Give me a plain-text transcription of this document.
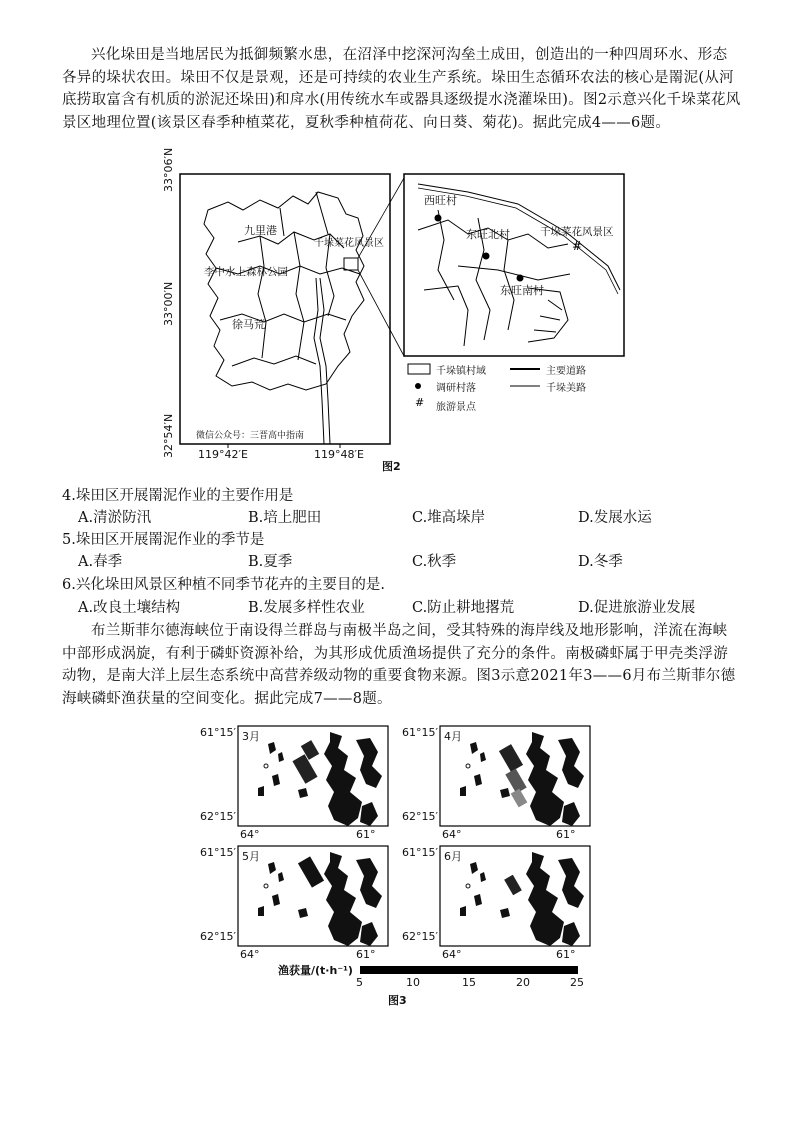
兴化垛田是当地居民为抵御频繁水患，在沼泽中挖深河沟垒土成田，创造出的一种四周环水、形态各异的垛状农田。垛田不仅是景观，还是可持续的农业生产系统。垛田生态循环农法的核心是罱泥(从河底捞取富含有机质的淤泥还垛田)和戽水(用传统水车或器具逐级提水浇灌垛田)。图2示意兴化千垛菜花风景区地理位置(该景区春季种植菜花，夏秋季种植荷花、向日葵、菊花)。据此完成4——6题。
#
#
33°06′N
33°00′N
32°54′N 119°42′E	119°48′E
九里港
千垛菜花风景区
李中水上森林公园
徐马荒
微信公众号：三晋高中指南
西旺村
东旺北村
东旺南村
千垛菜花风景区
千垛镇村域	主要道路
调研村落	千垛美路
旅游景点
图2
4.垛田区开展罱泥作业的主要作用是
A.清淤防汛	B.培上肥田	C.堆高垛岸	D.发展水运
5.垛田区开展罱泥作业的季节是
A.春季	B.夏季	C.秋季	D.冬季
6.兴化垛田风景区种植不同季节花卉的主要目的是.
A.改良土壤结构	B.发展多样性农业	C.防止耕地撂荒	D.促进旅游业发展
布兰斯菲尔德海峡位于南设得兰群岛与南极半岛之间，受其特殊的海岸线及地形影响，洋流在海峡中部形成涡旋，有利于磷虾资源补给，为其形成优质渔场提供了充分的条件。南极磷虾属于甲壳类浮游动物，是南大洋上层生态系统中高营养级动物的重要食物来源。图3示意2021年3——6月布兰斯菲尔德海峡磷虾渔获量的空间变化。据此完成7——8题。
3月	4月
5月	6月
61°15′
62°15′
61°15′
62°15′
61°15′
62°15′
61°15′
62°15′
64°	61°	64°	61°
64°	61°	64°	61°
渔获量/(t·h⁻¹)
5	10	15	20	25
图3
